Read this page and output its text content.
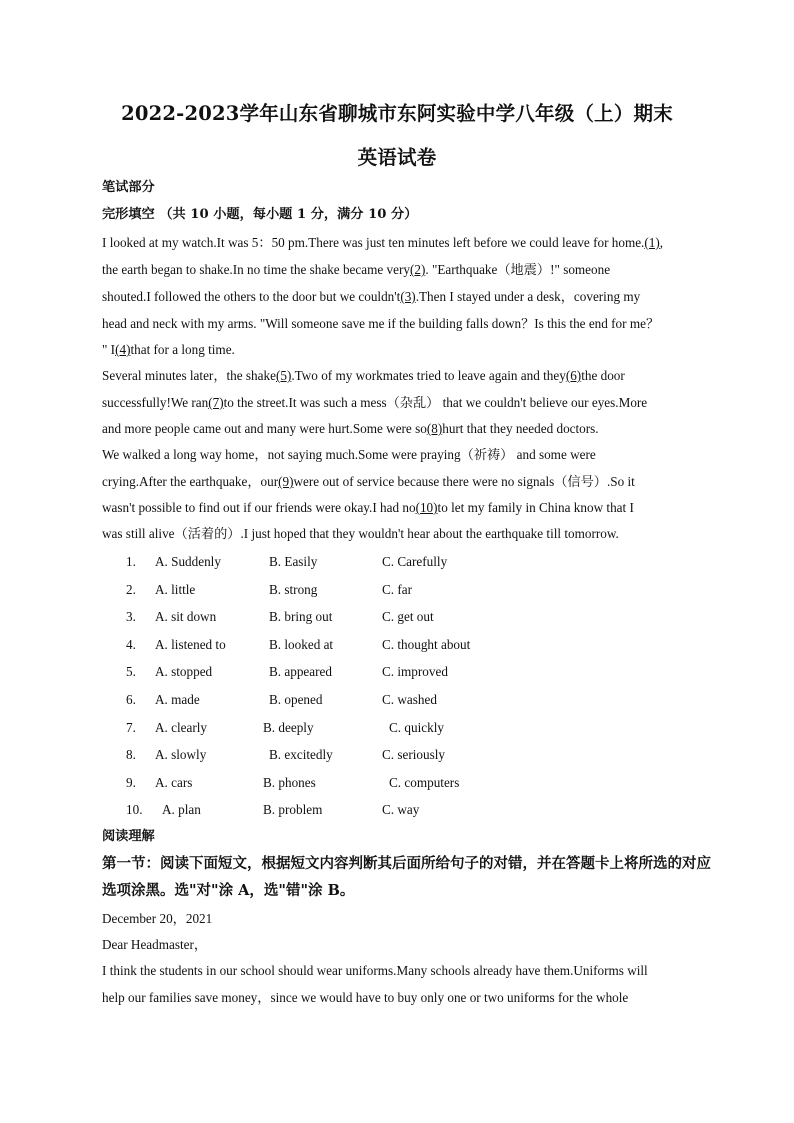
2022-2023学年山东省聊城市东阿实验中学八年级（上）期末
英语试卷
笔试部分
完形填空 （共 10 小题，每小题 1 分，满分 10 分）
I looked at my watch.It was 5：50 pm.There was just ten minutes left before we could leave for home.(1),
the earth began to shake.In no time the shake became very(2). "Earthquake（地震）!" someone
shouted.I followed the others to the door but we couldn't(3).Then I stayed under a desk，covering my
head and neck with my arms. "Will someone save me if the building falls down？Is this the end for me？
" I(4)that for a long time.
Several minutes later，the shake(5).Two of my workmates tried to leave again and they(6)the door
successfully!We ran(7)to the street.It was such a mess（杂乱） that we couldn't believe our eyes.More
and more people came out and many were hurt.Some were so(8)hurt that they needed doctors.
We walked a long way home，not saying much.Some were praying（祈祷） and some were
crying.After the earthquake，our(9)were out of service because there were no signals（信号）.So it
wasn't possible to find out if our friends were okay.I had no(10)to let my family in China know that I
was still alive（活着的）.I just hoped that they wouldn't hear about the earthquake till tomorrow.
1. A. Suddenly	B. Easily	C. Carefully
2. A. little	B. strong	C. far
3. A. sit down	B. bring out	C. get out
4. A. listened to	B. looked at	C. thought about
5. A. stopped	B. appeared	C. improved
6. A. made	B. opened	C. washed
7. A. clearly	B. deeply	C. quickly
8. A. slowly	B. excitedly	C. seriously
9. A. cars	B. phones	C. computers
10. A. plan	B. problem	C. way
阅读理解
第一节：阅读下面短文，根据短文内容判断其后面所给句子的对错，并在答题卡上将所选的对应
选项涂黑。选"对"涂 A，选"错"涂 B。
December 20，2021
Dear Headmaster，
I think the students in our school should wear uniforms.Many schools already have them.Uniforms will
help our families save money，since we would have to buy only one or two uniforms for the whole
